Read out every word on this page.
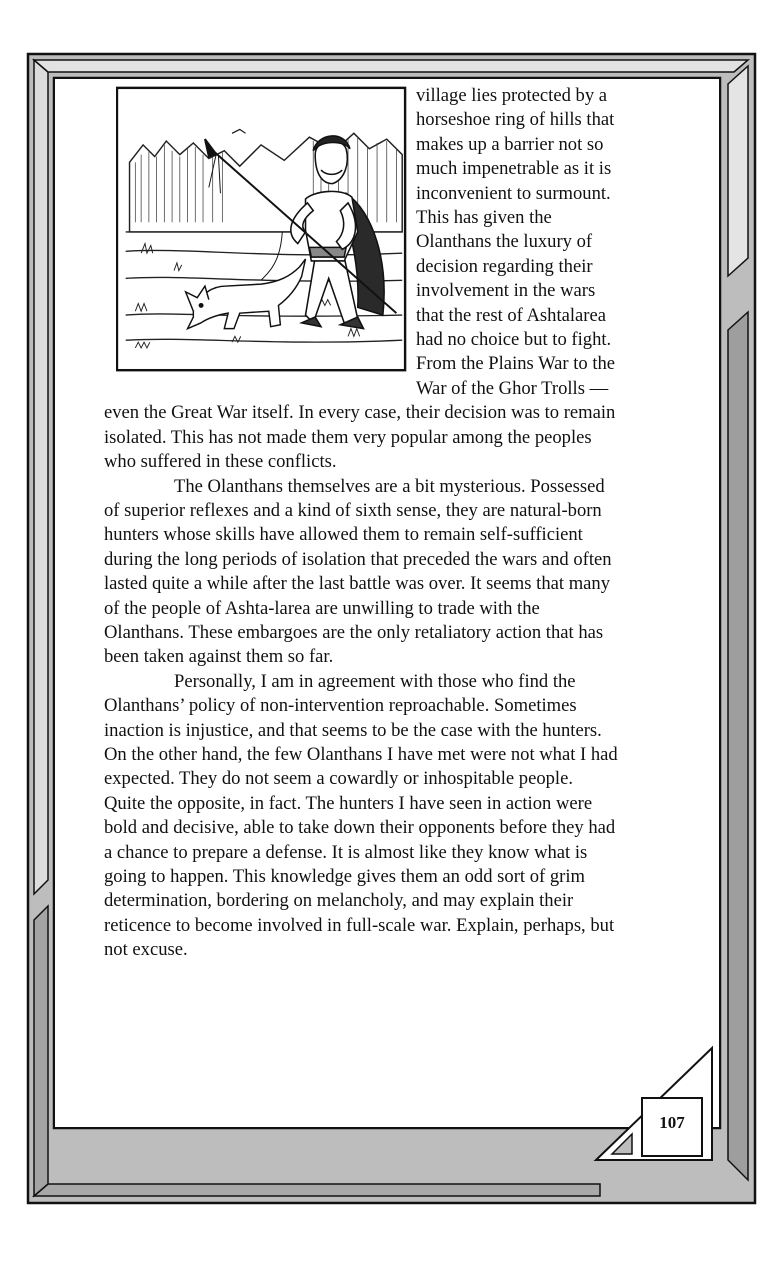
village lies protected by a horseshoe ring of hills that makes up a barrier not so much impenetrable as it is inconvenient to surmount. This has given the Olanthans the luxury of decision regarding their involvement in the wars that the rest of Ashtalarea had no choice but to fight. From the Plains War to the War of the Ghor Trolls — even the Great War itself. In every case, their decision was to remain isolated. This has not made them very popular among the peoples who suffered in these conflicts.

The Olanthans themselves are a bit mysterious. Possessed of superior reflexes and a kind of sixth sense, they are natural-born hunters whose skills have allowed them to remain self-sufficient during the long periods of isolation that preceded the wars and often lasted quite a while after the last battle was over. It seems that many of the people of Ashta-larea are unwilling to trade with the Olanthans. These embargoes are the only retaliatory action that has been taken against them so far.

Personally, I am in agreement with those who find the Olanthans’ policy of non-intervention reproachable. Sometimes inaction is injustice, and that seems to be the case with the hunters. On the other hand, the few Olanthans I have met were not what I had expected. They do not seem a cowardly or inhospitable people. Quite the opposite, in fact. The hunters I have seen in action were bold and decisive, able to take down their opponents before they had a chance to prepare a defense. It is almost like they know what is going to happen. This knowledge gives them an odd sort of grim determination, bordering on melancholy, and may explain their reticence to become involved in full-scale war. Explain, perhaps, but not excuse.

107
